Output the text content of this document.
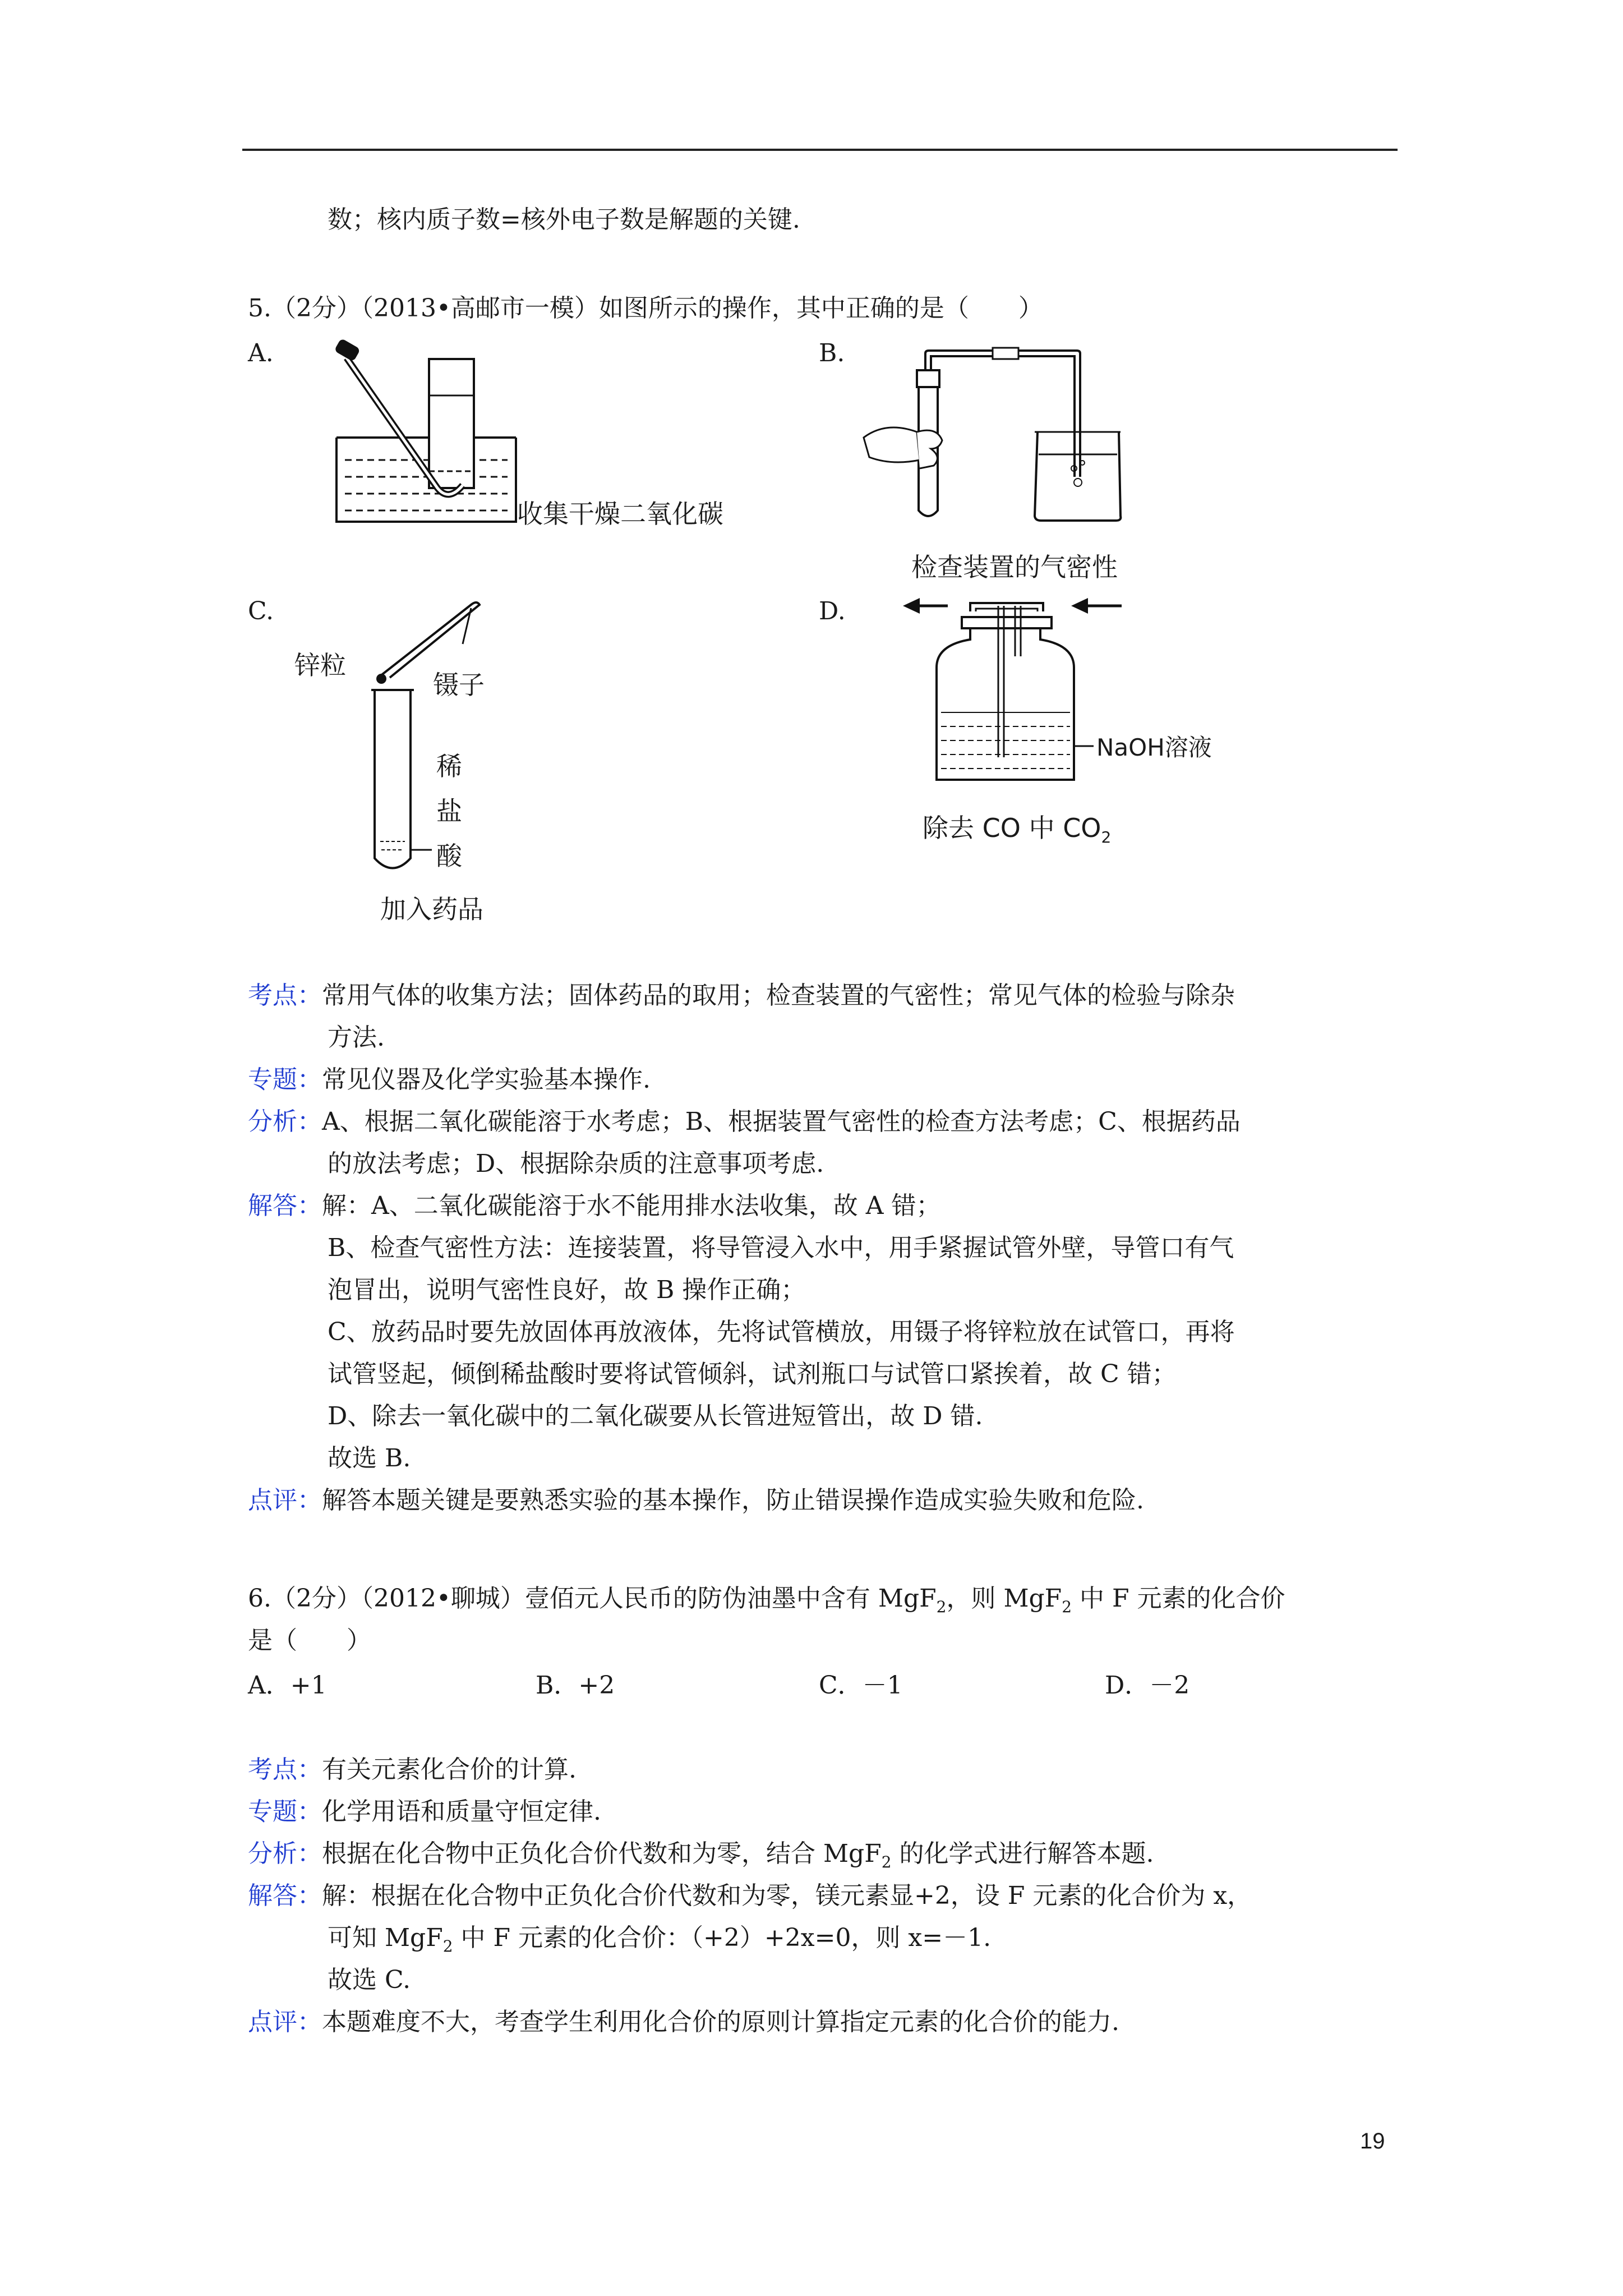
数；核内质子数=核外电子数是解题的关键.
5.（2分）（2013•高邮市一模）如图所示的操作，其中正确的是（　　）
A.	B.
C.	D.
收集干燥二氧化碳
检查装置的气密性
锌粒
镊子
稀
盐
酸
加入药品
NaOH溶液
除去 CO 中 $CO_2$
考点：常用气体的收集方法；固体药品的取用；检查装置的气密性；常见气体的检验与除杂
方法.
专题：常见仪器及化学实验基本操作.
分析：A、根据二氧化碳能溶于水考虑；B、根据装置气密性的检查方法考虑；C、根据药品
的放法考虑；D、根据除杂质的注意事项考虑.
解答：解：A、二氧化碳能溶于水不能用排水法收集，故 A 错；
B、检查气密性方法：连接装置，将导管浸入水中，用手紧握试管外壁，导管口有气
泡冒出，说明气密性良好，故 B 操作正确；
C、放药品时要先放固体再放液体，先将试管横放，用镊子将锌粒放在试管口，再将
试管竖起，倾倒稀盐酸时要将试管倾斜，试剂瓶口与试管口紧挨着，故 C 错；
D、除去一氧化碳中的二氧化碳要从长管进短管出，故 D 错.
故选 B.
点评：解答本题关键是要熟悉实验的基本操作，防止错误操作造成实验失败和危险.
6.（2分）（2012•聊城）壹佰元人民币的防伪油墨中含有 MgF$_2$，则 MgF$_2$ 中 F 元素的化合价
是（　　）
A．+1	B．+2	C．－1	D．－2
考点：有关元素化合价的计算.
专题：化学用语和质量守恒定律.
分析：根据在化合物中正负化合价代数和为零，结合 MgF$_2$ 的化学式进行解答本题.
解答：解：根据在化合物中正负化合价代数和为零，镁元素显+2，设 F 元素的化合价为 x，
可知 MgF$_2$ 中 F 元素的化合价：（+2）+2x=0，则 x=－1.
故选 C.
点评：本题难度不大，考查学生利用化合价的原则计算指定元素的化合价的能力.
19
